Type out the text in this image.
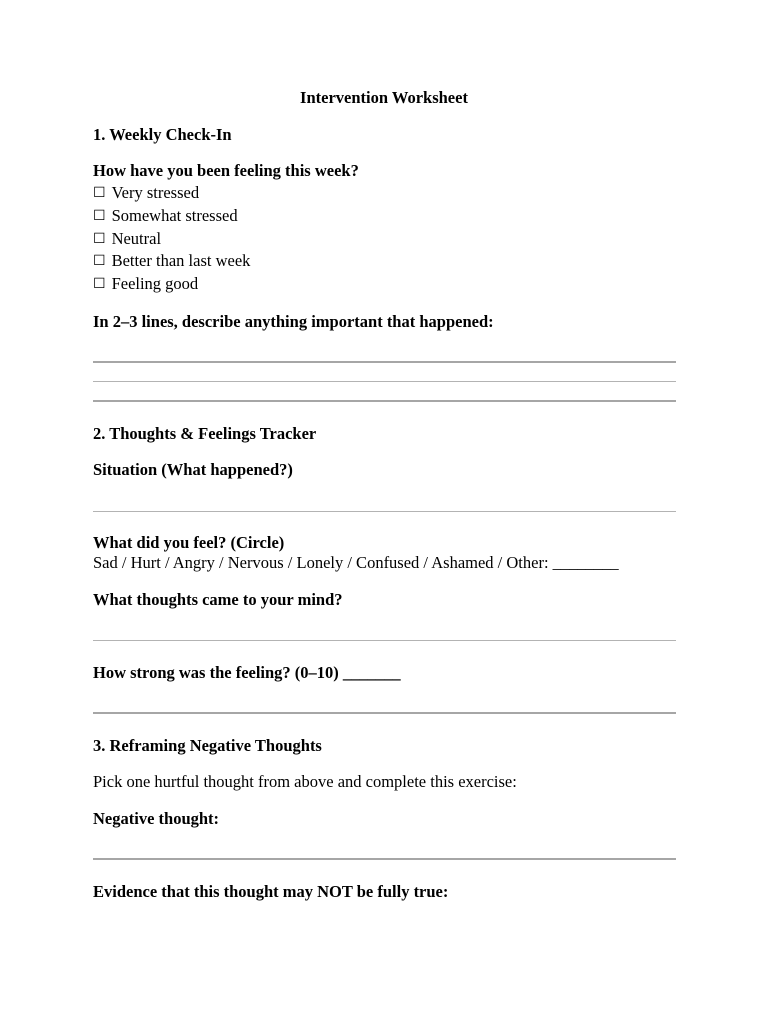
Intervention Worksheet
1. Weekly Check-In
How have you been feeling this week?
☐ Very stressed
☐ Somewhat stressed
☐ Neutral
☐ Better than last week
☐ Feeling good
In 2–3 lines, describe anything important that happened:
2. Thoughts & Feelings Tracker
Situation (What happened?)
What did you feel? (Circle)
Sad / Hurt / Angry / Nervous / Lonely / Confused / Ashamed / Other: ________
What thoughts came to your mind?
How strong was the feeling? (0–10) _______
3. Reframing Negative Thoughts
Pick one hurtful thought from above and complete this exercise:
Negative thought:
Evidence that this thought may NOT be fully true:
